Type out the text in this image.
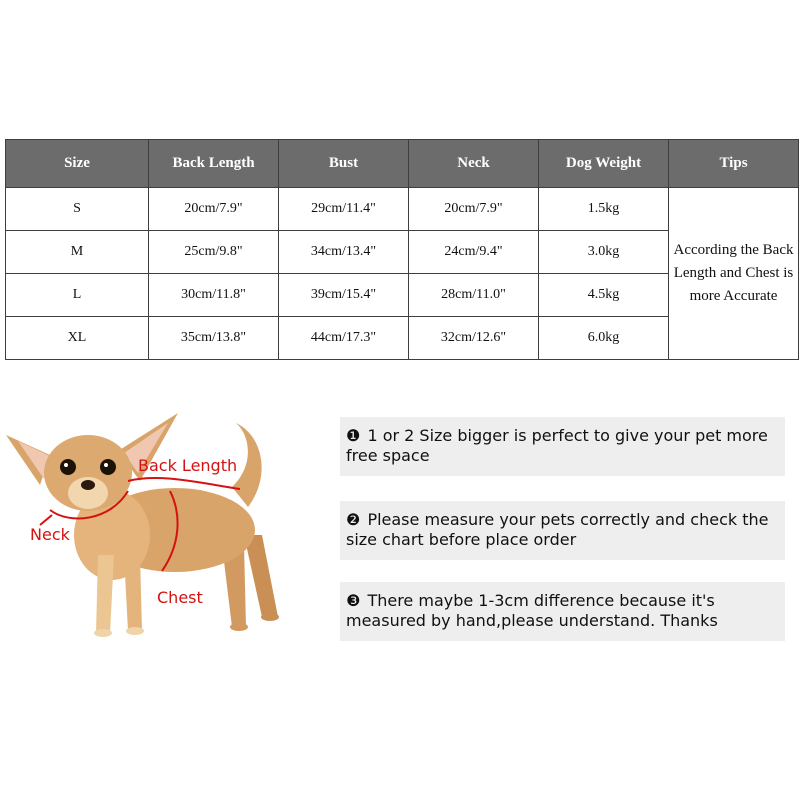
Size	Back Length	Bust	Neck	Dog Weight	Tips
S	20cm/7.9"	29cm/11.4"	20cm/7.9"	1.5kg	According the Back Length and Chest is more Accurate
M	25cm/9.8"	34cm/13.4"	24cm/9.4"	3.0kg	
L	30cm/11.8"	39cm/15.4"	28cm/11.0"	4.5kg	
XL	35cm/13.8"	44cm/17.3"	32cm/12.6"	6.0kg	
Back Length
Neck
Chest
❶ 1 or 2 Size bigger is perfect to give your pet more free space
❷ Please measure your pets correctly and check the size chart before place order
❸ There maybe 1-3cm difference because it's measured by hand,please understand. Thanks
